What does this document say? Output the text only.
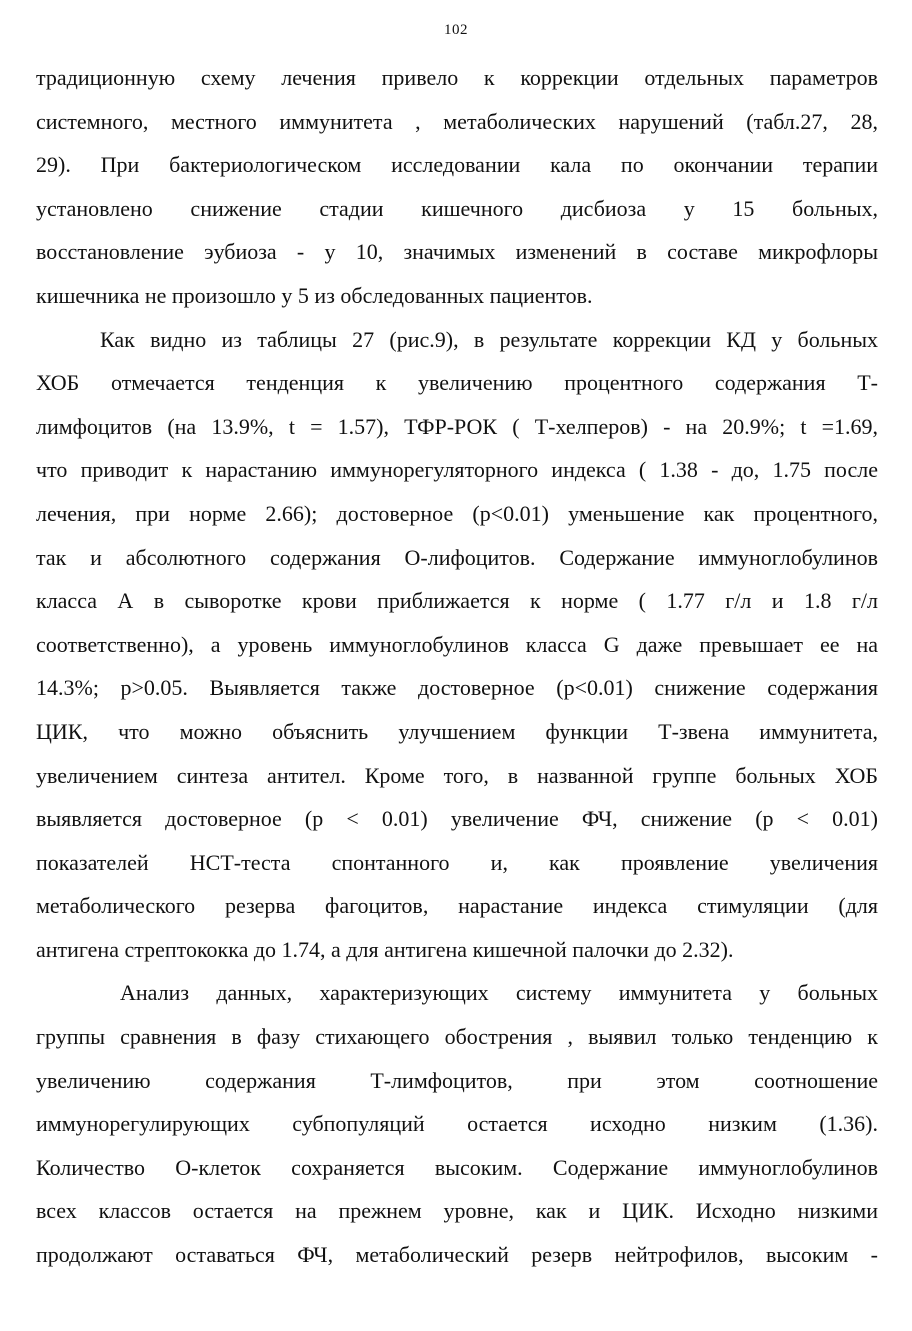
102
традиционную схему лечения привело к коррекции отдельных параметров
системного, местного иммунитета , метаболических нарушений (табл.27, 28,
29). При бактериологическом исследовании кала по окончании терапии
установлено снижение стадии кишечного дисбиоза у 15 больных,
восстановление эубиоза - у 10, значимых изменений в составе микрофлоры
кишечника не произошло у 5 из обследованных пациентов.
Как видно из таблицы 27 (рис.9), в результате коррекции КД у больных
ХОБ отмечается тенденция к увеличению процентного содержания Т-
лимфоцитов (на 13.9%, t = 1.57), ТФР-РОК ( Т-хелперов) - на 20.9%; t =1.69,
что приводит к нарастанию иммунорегуляторного индекса ( 1.38 - до, 1.75 после
лечения, при норме 2.66); достоверное (р<0.01) уменьшение как процентного,
так и абсолютного содержания О-лифоцитов. Содержание иммуноглобулинов
класса А в сыворотке крови приближается к норме ( 1.77 г/л и 1.8 г/л
соответственно), а уровень иммуноглобулинов класса G даже превышает ее на
14.3%; р>0.05. Выявляется также достоверное (р<0.01) снижение содержания
ЦИК, что можно объяснить улучшением функции Т-звена иммунитета,
увеличением синтеза антител. Кроме того, в названной группе больных ХОБ
выявляется достоверное (р < 0.01) увеличение ФЧ, снижение (р < 0.01)
показателей НСТ-теста спонтанного и, как проявление увеличения
метаболического резерва фагоцитов, нарастание индекса стимуляции (для
антигена стрептококка до 1.74, а для антигена кишечной палочки до 2.32).
Анализ данных, характеризующих систему иммунитета у больных
группы сравнения в фазу стихающего обострения , выявил только тенденцию к
увеличению содержания Т-лимфоцитов, при этом соотношение
иммунорегулирующих субпопуляций остается исходно низким (1.36).
Количество О-клеток сохраняется высоким. Содержание иммуноглобулинов
всех классов остается на прежнем уровне, как и ЦИК. Исходно низкими
продолжают оставаться ФЧ, метаболический резерв нейтрофилов, высоким -
